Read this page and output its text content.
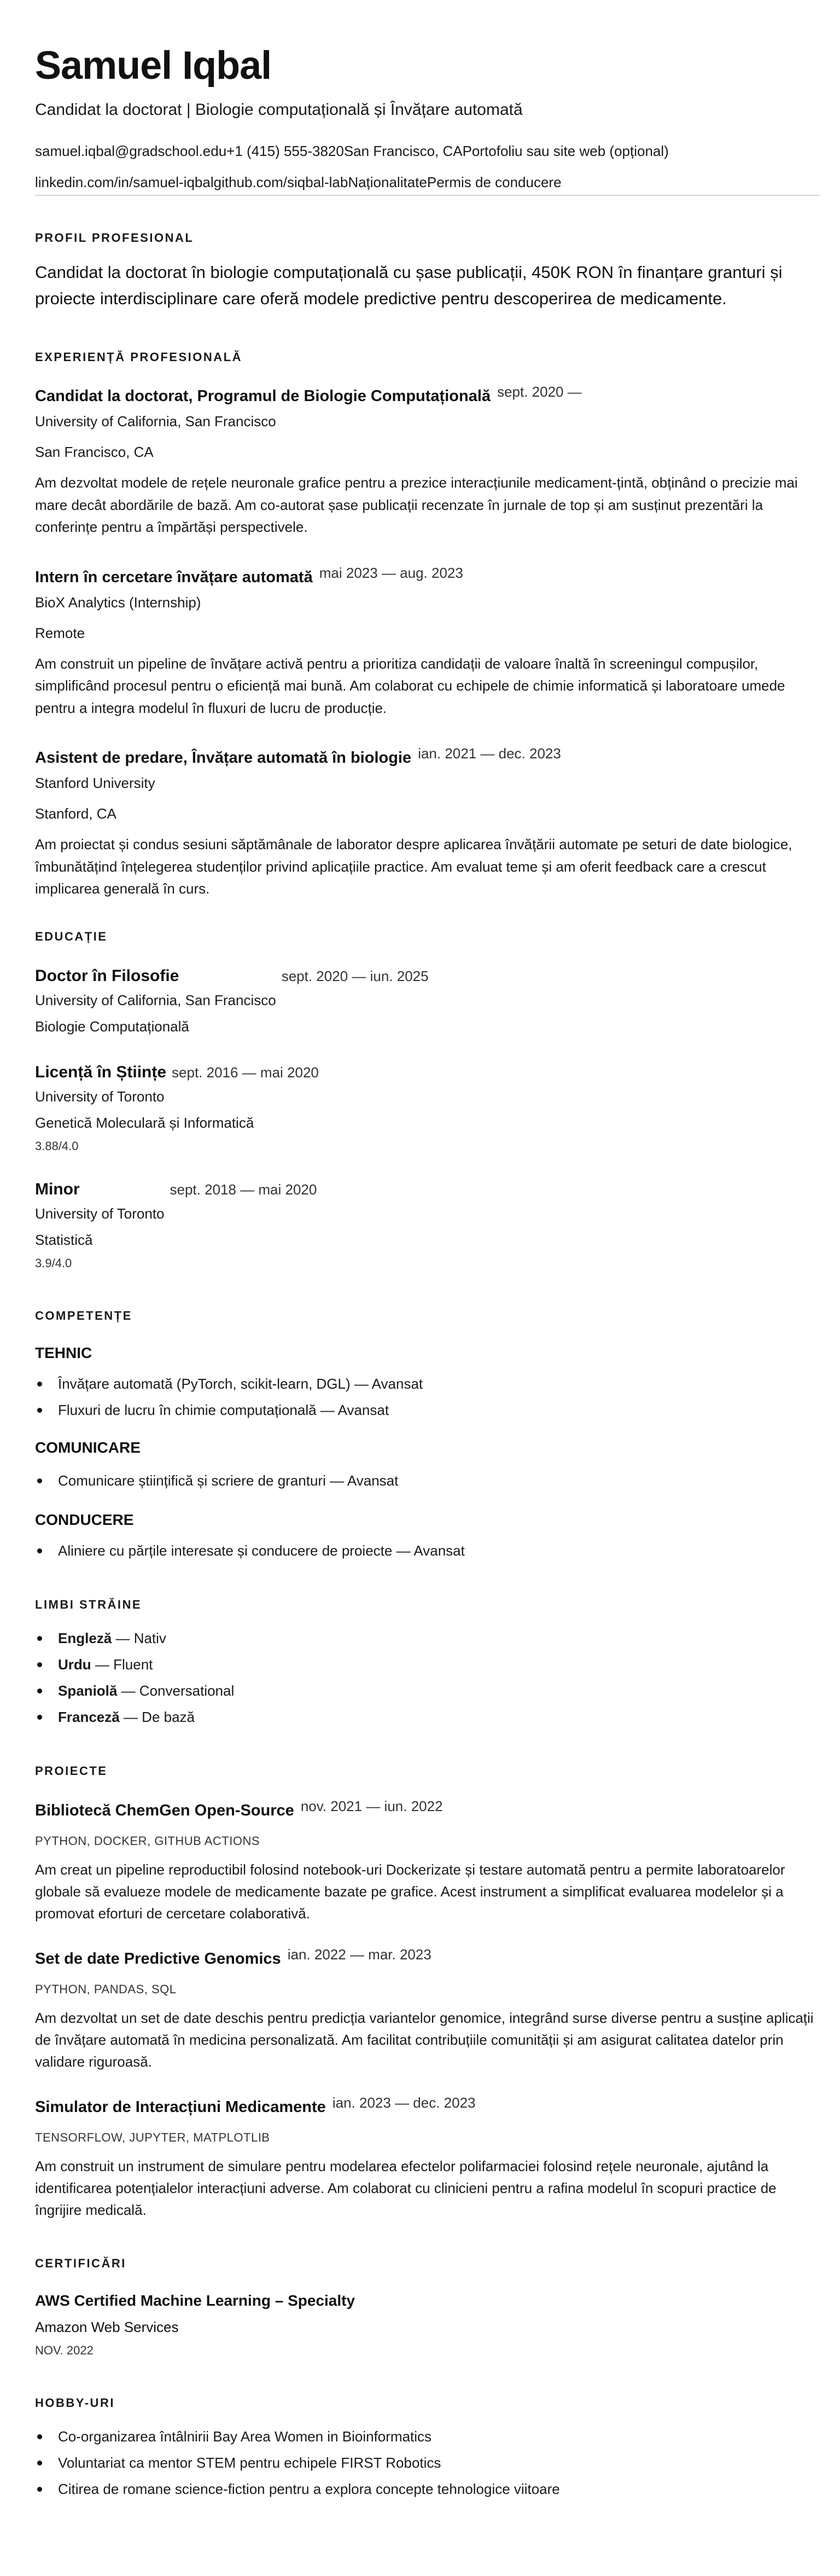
Samuel Iqbal
Candidat la doctorat | Biologie computațională și Învățare automată
samuel.iqbal@gradschool.edu+1 (415) 555-3820San Francisco, CAPortofoliu sau site web (opțional)
linkedin.com/in/samuel-iqbalgithub.com/siqbal-labNaționalitatePermis de conducere
PROFIL PROFESIONAL

Candidat la doctorat în biologie computațională cu șase publicații, 450K RON în finanțare granturi și proiecte interdisciplinare care oferă modele predictive pentru descoperirea de medicamente.

EXPERIENȚĂ PROFESIONALĂ
Candidat la doctorat, Programul de Biologie Computațională sept. 2020 —
University of California, San Francisco
San Francisco, CA

Am dezvoltat modele de rețele neuronale grafice pentru a prezice interacțiunile medicament-țintă, obținând o precizie mai mare decât abordările de bază. Am co-autorat șase publicații recenzate în jurnale de top și am susținut prezentări la conferințe pentru a împărtăși perspectivele.

Intern în cercetare învățare automată mai 2023 — aug. 2023
BioX Analytics (Internship)
Remote

Am construit un pipeline de învățare activă pentru a prioritiza candidații de valoare înaltă în screeningul compușilor, simplificând procesul pentru o eficiență mai bună. Am colaborat cu echipele de chimie informatică și laboratoare umede pentru a integra modelul în fluxuri de lucru de producție.

Asistent de predare, Învățare automată în biologie ian. 2021 — dec. 2023
Stanford University
Stanford, CA

Am proiectat și condus sesiuni săptămânale de laborator despre aplicarea învățării automate pe seturi de date biologice, îmbunătățind înțelegerea studenților privind aplicațiile practice. Am evaluat teme și am oferit feedback care a crescut implicarea generală în curs.

EDUCAȚIE
Doctor în Filosofie
University of California, San Francisco
sept. 2020 — iun. 2025
Biologie Computațională
Licență în Științe
University of Toronto
sept. 2016 — mai 2020
Genetică Moleculară și Informatică
3.88/4.0
Minor
University of Toronto
sept. 2018 — mai 2020
Statistică
3.9/4.0
COMPETENȚE
TEHNIC
Învățare automată (PyTorch, scikit-learn, DGL) — Avansat
Fluxuri de lucru în chimie computațională — Avansat
COMUNICARE
Comunicare științifică și scriere de granturi — Avansat
CONDUCERE
Aliniere cu părțile interesate și conducere de proiecte — Avansat
LIMBI STRĂINE
Engleză — Nativ
Urdu — Fluent
Spaniolă — Conversational
Franceză — De bază
PROIECTE
Bibliotecă ChemGen Open-Source nov. 2021 — iun. 2022
PYTHON, DOCKER, GITHUB ACTIONS

Am creat un pipeline reproductibil folosind notebook-uri Dockerizate și testare automată pentru a permite laboratoarelor globale să evalueze modele de medicamente bazate pe grafice. Acest instrument a simplificat evaluarea modelelor și a promovat eforturi de cercetare colaborativă.

Set de date Predictive Genomics ian. 2022 — mar. 2023
PYTHON, PANDAS, SQL

Am dezvoltat un set de date deschis pentru predicția variantelor genomice, integrând surse diverse pentru a susține aplicații de învățare automată în medicina personalizată. Am facilitat contribuțiile comunității și am asigurat calitatea datelor prin validare riguroasă.

Simulator de Interacțiuni Medicamente ian. 2023 — dec. 2023
TENSORFLOW, JUPYTER, MATPLOTLIB

Am construit un instrument de simulare pentru modelarea efectelor polifarmaciei folosind rețele neuronale, ajutând la identificarea potențialelor interacțiuni adverse. Am colaborat cu clinicieni pentru a rafina modelul în scopuri practice de îngrijire medicală.

CERTIFICĂRI
AWS Certified Machine Learning – Specialty
Amazon Web Services
NOV. 2022
HOBBY-URI
Co-organizarea întâlnirii Bay Area Women in Bioinformatics
Voluntariat ca mentor STEM pentru echipele FIRST Robotics
Citirea de romane science-fiction pentru a explora concepte tehnologice viitoare
